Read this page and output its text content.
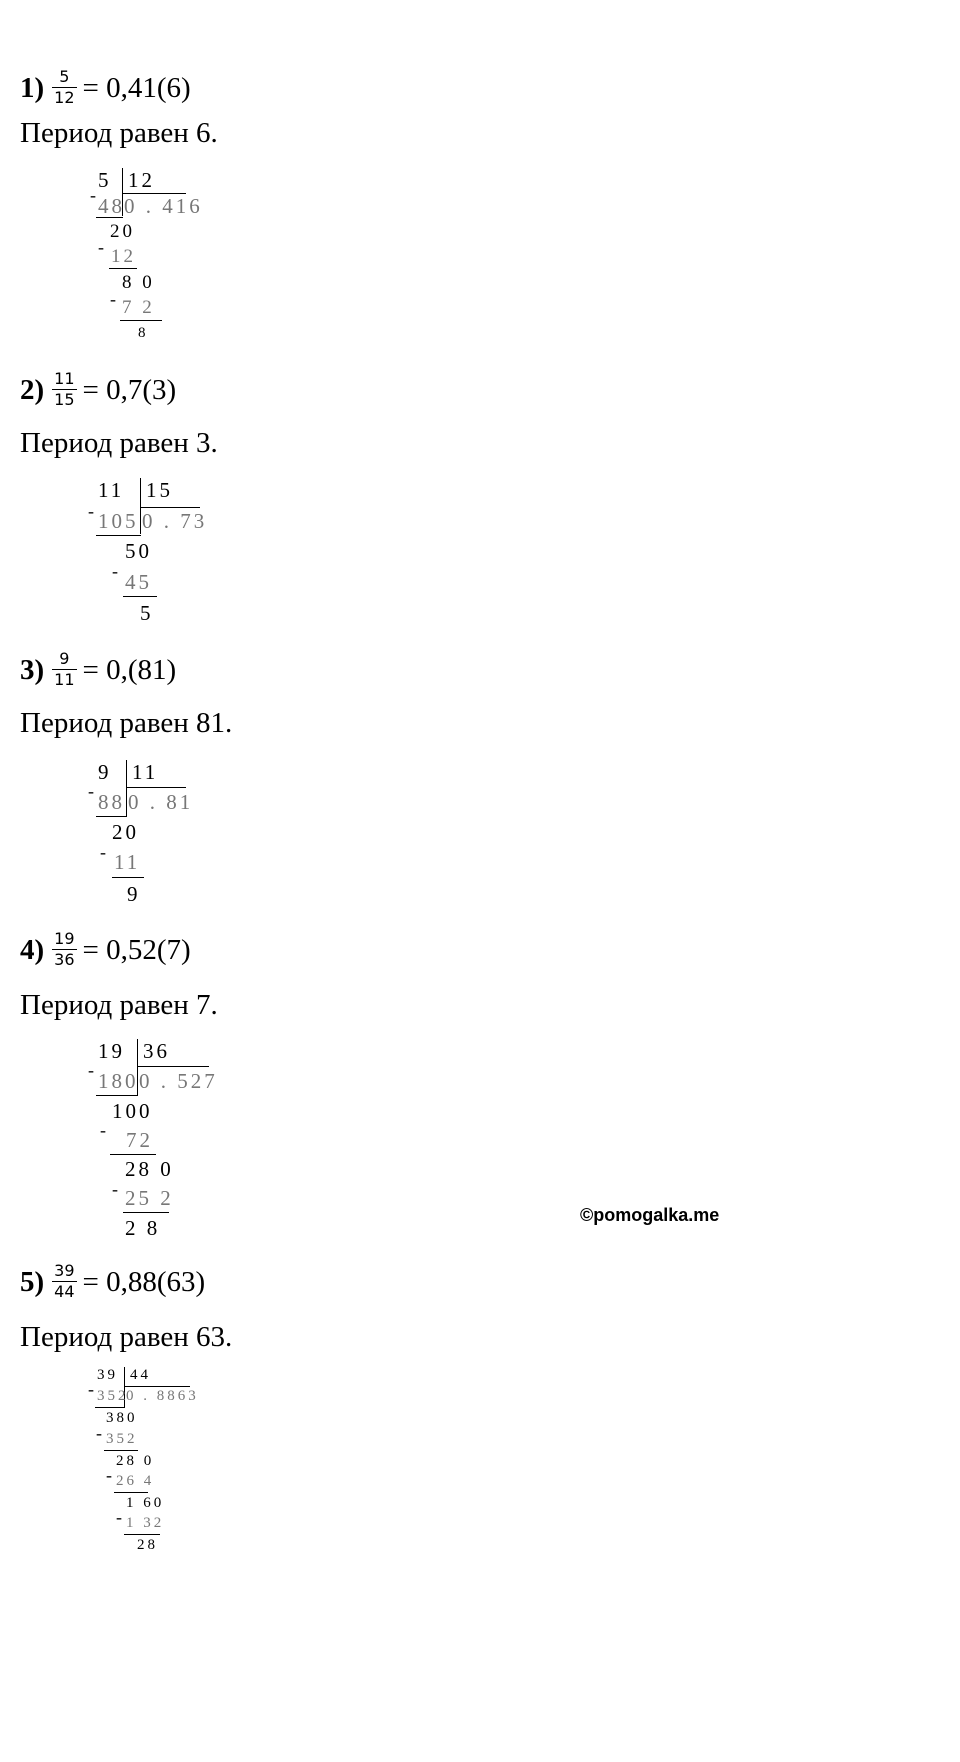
$1) \frac{5}{12} = 0,41(6)$
Период равен 6.
5 12
- 48 0 . 416
20
- 12
8 0
- 7 2
8
$2) \frac{11}{15} = 0,7(3)$
Период равен 3.
11 15
- 105 0 . 73
50
- 45
5
$3) \frac{9}{11} = 0,(81)$
Период равен 81.
9 11
- 88 0 . 81
20
- 11
9
$4) \frac{19}{36} = 0,52(7)$
Период равен 7.
19 36
- 180 0 . 527
100
- 72
28 0
- 25 2
2 8
©pomogalka.me
$5) \frac{39}{44} = 0,88(63)$
Период равен 63.
39 44
- 352
0 . 8863
380
- 352
28 0
- 26 4
1 60
- 1 32
28
